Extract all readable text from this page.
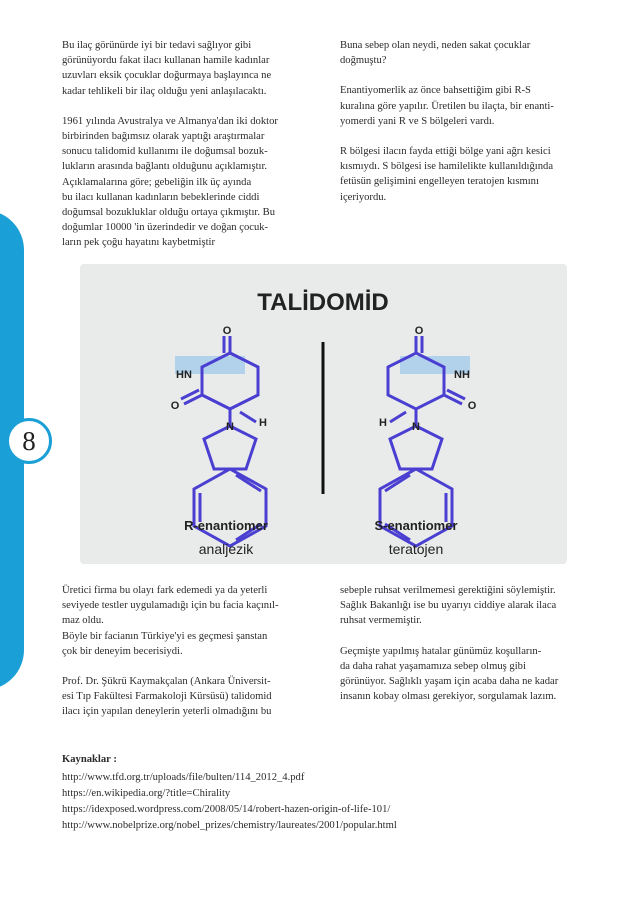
8

Bu ilaç görünürde iyi bir tedavi sağlıyor gibi
görünüyordu fakat ilacı kullanan hamile kadınlar
uzuvları eksik çocuklar doğurmaya başlayınca ne
kadar tehlikeli bir ilaç olduğu yeni anlaşılacaktı.

1961 yılında Avustralya ve Almanya'dan iki doktor
birbirinden bağımsız olarak yaptığı araştırmalar
sonucu talidomid kullanımı ile doğumsal bozuk-
lukların arasında bağlantı olduğunu açıklamıştır.
Açıklamalarına göre; gebeliğin ilk üç ayında
bu ilacı kullanan kadınların bebeklerinde ciddi
doğumsal bozukluklar olduğu ortaya çıkmıştır. Bu
doğumlar 10000 'in üzerindedir ve doğan çocuk-
ların pek çoğu hayatını kaybetmiştir

Buna sebep olan neydi, neden sakat çocuklar
doğmuştu?

Enantiyomerlik az önce bahsettiğim gibi R-S
kuralına göre yapılır. Üretilen bu ilaçta, bir enanti-
yomerdi yani R ve S bölgeleri vardı.

R bölgesi ilacın fayda ettiği bölge yani ağrı kesici
kısmıydı. S bölgesi ise hamilelikte kullanıldığında
fetüsün gelişimini engelleyen teratojen kısmını
içeriyordu.

TALİDOMİD
O
HN
O
N H
R-enantiomer
analjezik
O
NH
O
N
H
S-enantiomer
teratojen

Üretici firma bu olayı fark edemedi ya da yeterli
seviyede testler uygulamadığı için bu facia kaçınıl-
maz oldu.
Böyle bir facianın Türkiye'yi es geçmesi şanstan
çok bir deneyim becerisiydi.

Prof. Dr. Şükrü Kaymakçalan (Ankara Üniversit-
esi Tıp Fakültesi Farmakoloji Kürsüsü) talidomid
ilacı için yapılan deneylerin yeterli olmadığını bu

sebeple ruhsat verilmemesi gerektiğini söylemiştir.
Sağlık Bakanlığı ise bu uyarıyı ciddiye alarak ilaca
ruhsat vermemiştir.

Geçmişte yapılmış hatalar günümüz koşulların-
da daha rahat yaşamamıza sebep olmuş gibi
görünüyor. Sağlıklı yaşam için acaba daha ne kadar
insanın kobay olması gerekiyor, sorgulamak lazım.

Kaynaklar :
http://www.tfd.org.tr/uploads/file/bulten/114_2012_4.pdf
https://en.wikipedia.org/?title=Chirality
https://idexposed.wordpress.com/2008/05/14/robert-hazen-origin-of-life-101/
http://www.nobelprize.org/nobel_prizes/chemistry/laureates/2001/popular.html
